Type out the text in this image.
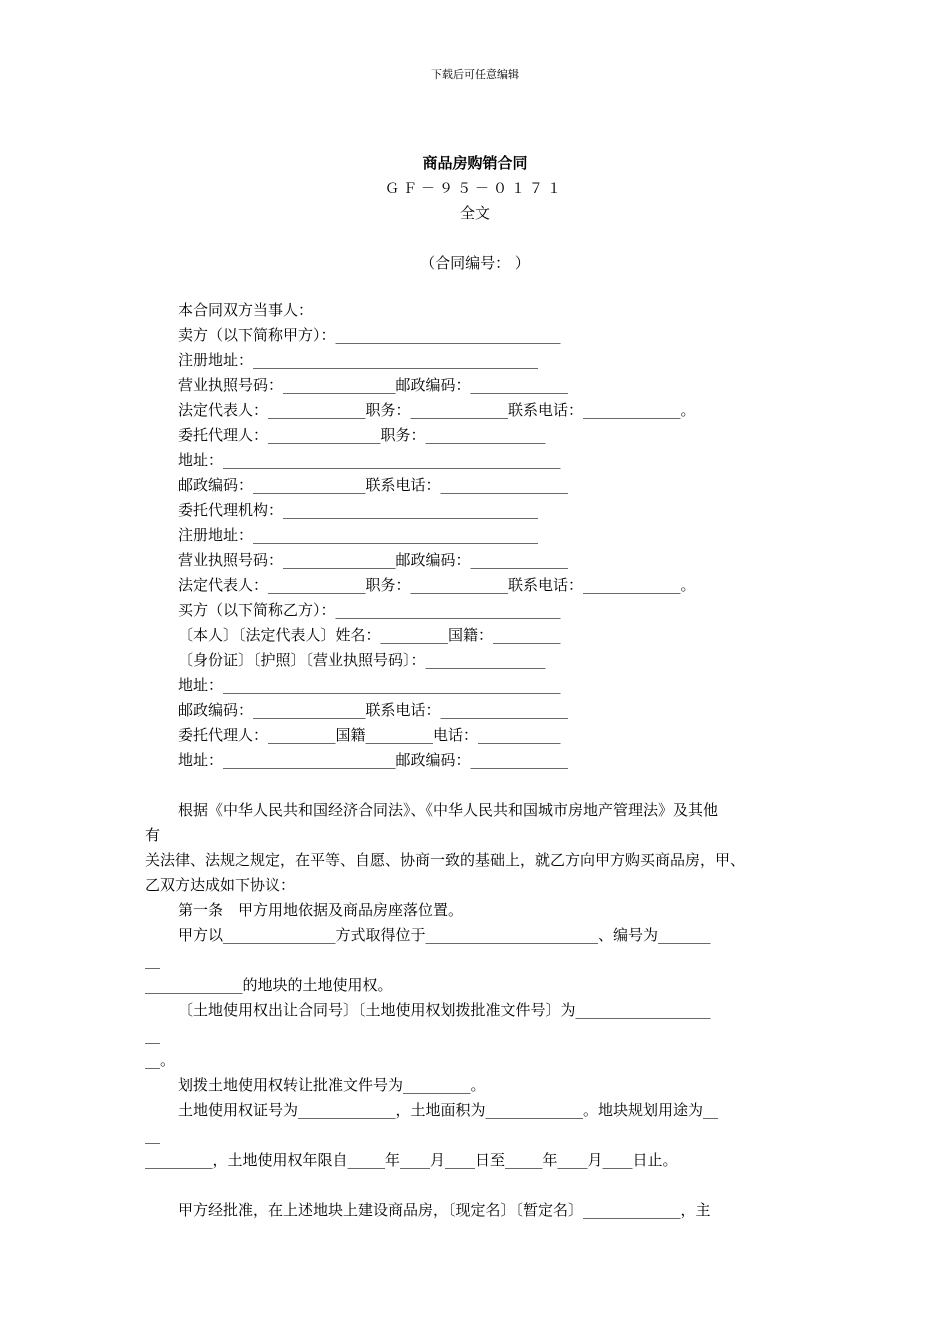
下载后可任意编辑
商品房购销合同
ＧＦ－９５－０１７１
全文
（合同编号： ）
本合同双方当事人：
卖方（以下简称甲方）：______________________________
注册地址：______________________________________
营业执照号码：_______________邮政编码：_____________
法定代表人：_____________职务：_____________联系电话：_____________。
委托代理人：_______________职务：________________
地址：_____________________________________________
邮政编码：_______________联系电话：_________________
委托代理机构：__________________________________
注册地址：______________________________________
营业执照号码：_______________邮政编码：_____________
法定代表人：_____________职务：_____________联系电话：_____________。
买方（以下简称乙方）：______________________________
〔本人〕〔法定代表人〕姓名：_________国籍：_________
〔身份证〕〔护照〕〔营业执照号码〕：________________
地址：_____________________________________________
邮政编码：_______________联系电话：_________________
委托代理人：_________国籍_________电话：___________
地址：_______________________邮政编码：_____________
根据《中华人民共和国经济合同法》、《中华人民共和国城市房地产管理法》及其他
有
关法律、法规之规定，在平等、自愿、协商一致的基础上，就乙方向甲方购买商品房，甲、
乙双方达成如下协议：
第一条　甲方用地依据及商品房座落位置。
甲方以_______________方式取得位于_______________________、编号为_______
__
_____________的地块的土地使用权。
〔土地使用权出让合同号〕〔土地使用权划拨批准文件号〕为__________________
__
__。
划拨土地使用权转让批准文件号为_________。
土地使用权证号为_____________，土地面积为_____________。地块规划用途为__
__
_________，土地使用权年限自_____年____月____日至_____年____月____日止。
甲方经批准，在上述地块上建设商品房，〔现定名〕〔暂定名〕_____________，主
